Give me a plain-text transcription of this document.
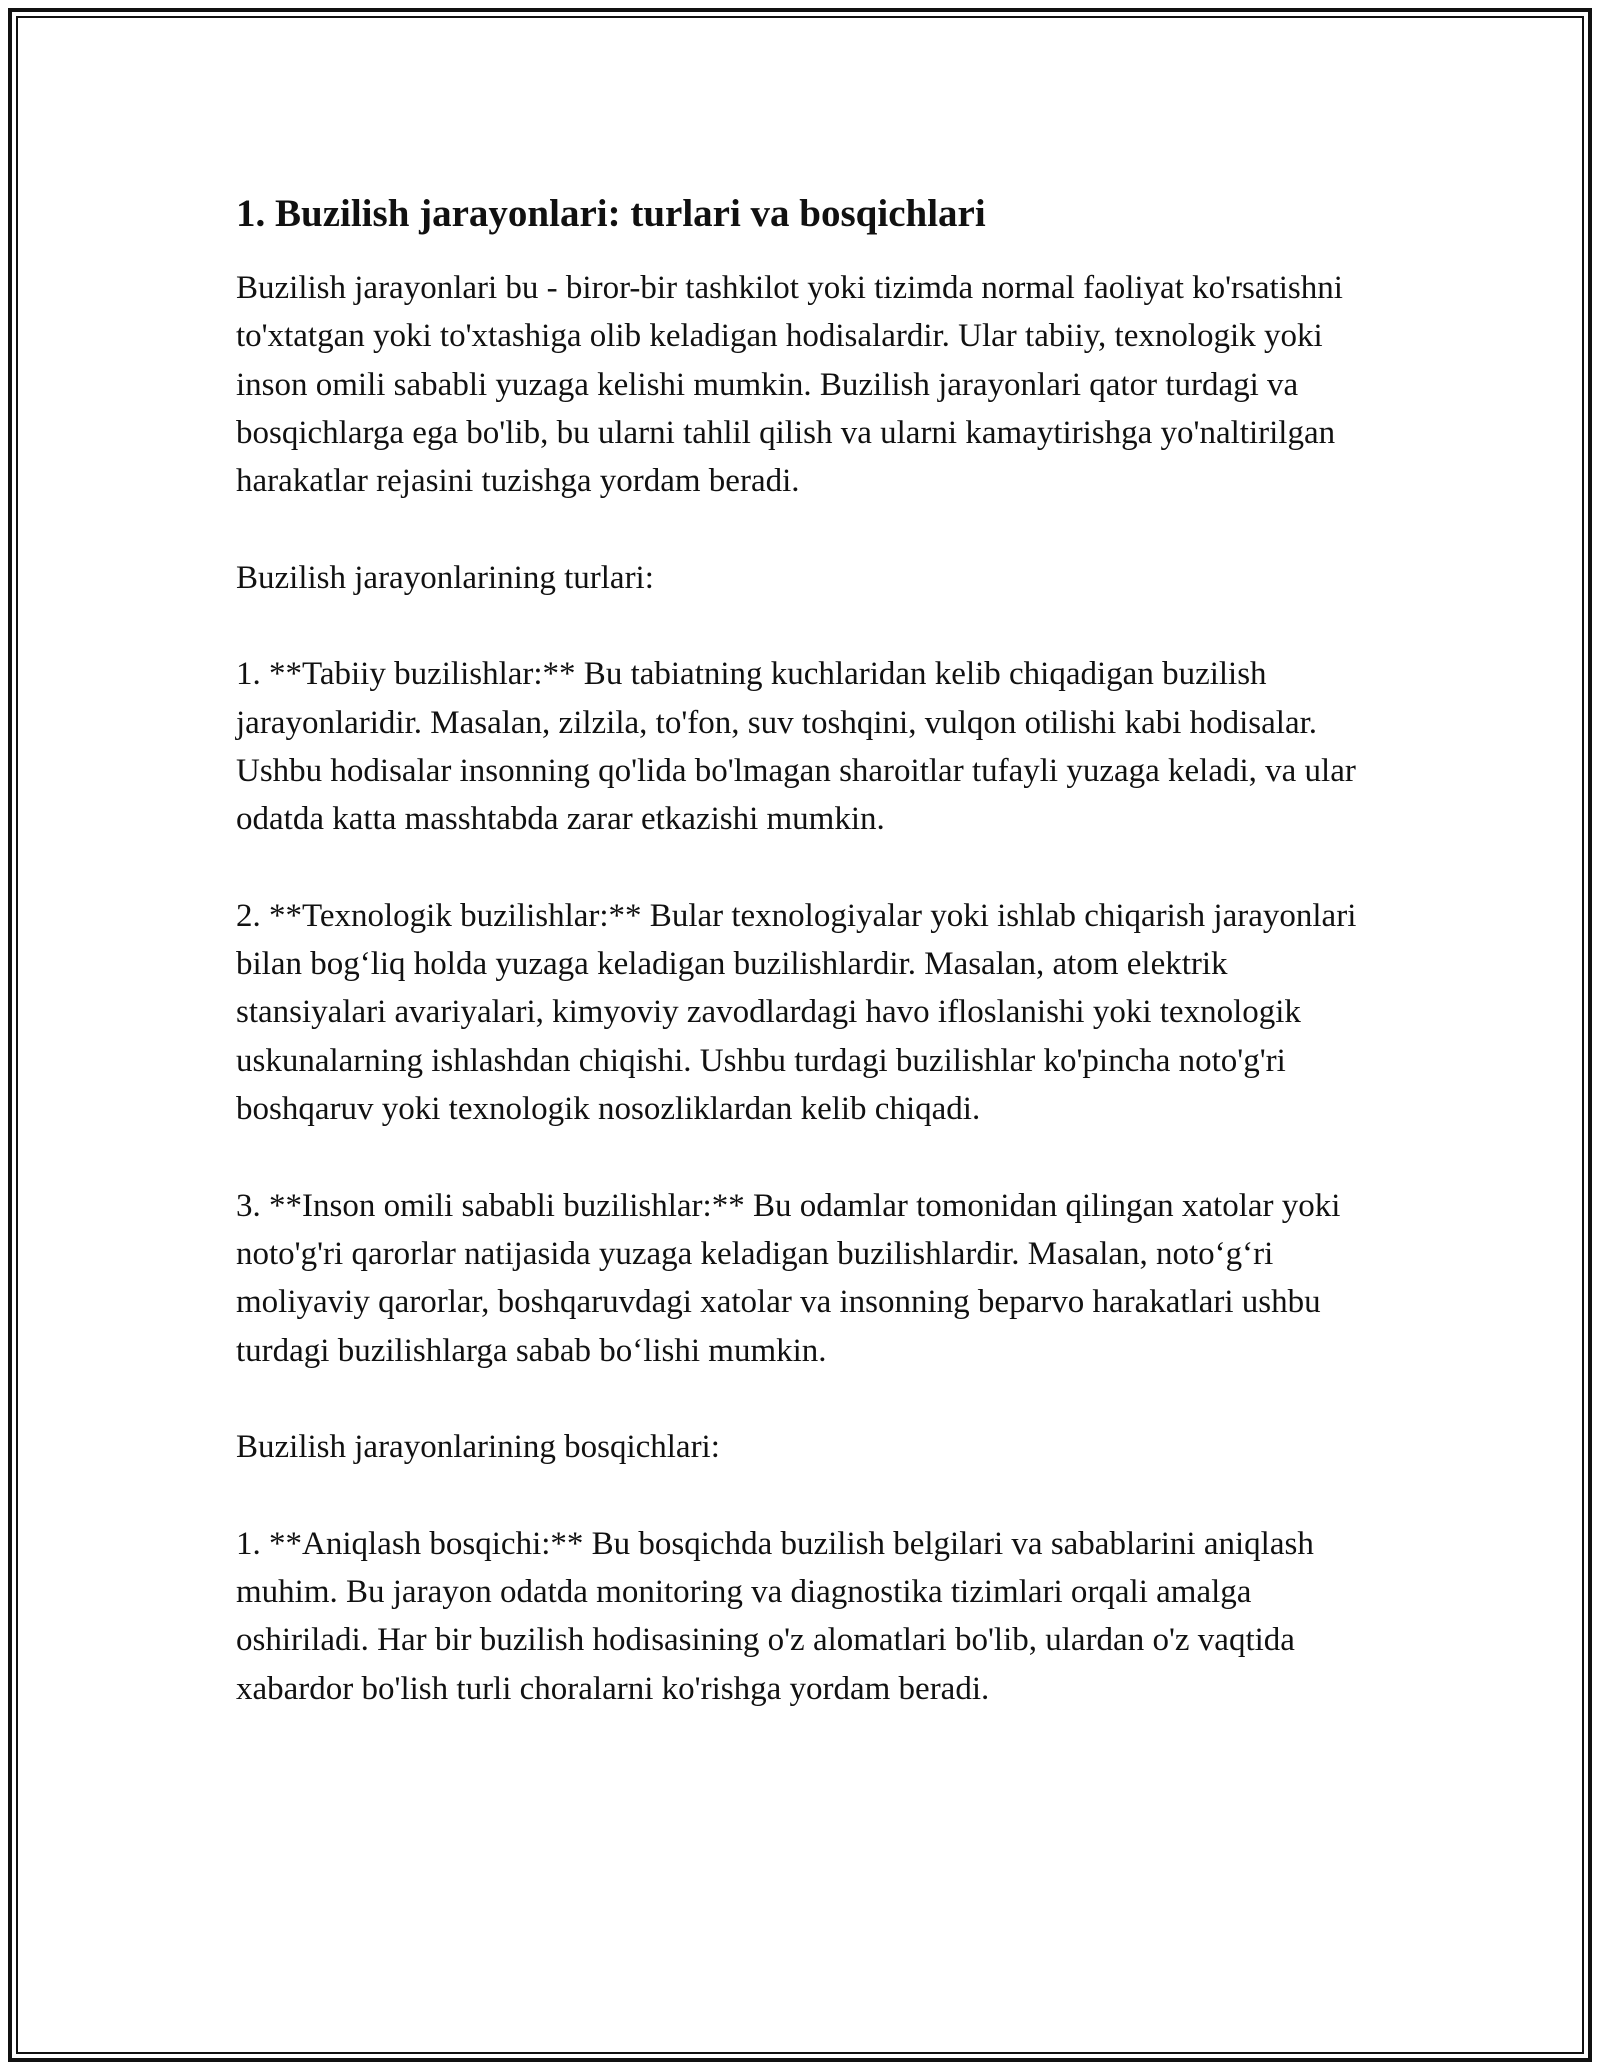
1. Buzilish jarayonlari: turlari va bosqichlari

Buzilish jarayonlari bu - biror-bir tashkilot yoki tizimda normal faoliyat ko'rsatishni to'xtatgan yoki to'xtashiga olib keladigan hodisalardir. Ular tabiiy, texnologik yoki inson omili sababli yuzaga kelishi mumkin. Buzilish jarayonlari qator turdagi va bosqichlarga ega bo'lib, bu ularni tahlil qilish va ularni kamaytirishga yo'naltirilgan harakatlar rejasini tuzishga yordam beradi.

Buzilish jarayonlarining turlari:

1. **Tabiiy buzilishlar:** Bu tabiatning kuchlaridan kelib chiqadigan buzilish jarayonlaridir. Masalan, zilzila, to'fon, suv toshqini, vulqon otilishi kabi hodisalar. Ushbu hodisalar insonning qo'lida bo'lmagan sharoitlar tufayli yuzaga keladi, va ular odatda katta masshtabda zarar etkazishi mumkin.

2. **Texnologik buzilishlar:** Bular texnologiyalar yoki ishlab chiqarish jarayonlari bilan bog‘liq holda yuzaga keladigan buzilishlardir. Masalan, atom elektrik stansiyalari avariyalari, kimyoviy zavodlardagi havo ifloslanishi yoki texnologik uskunalarning ishlashdan chiqishi. Ushbu turdagi buzilishlar ko'pincha noto'g'ri boshqaruv yoki texnologik nosozliklardan kelib chiqadi.

3. **Inson omili sababli buzilishlar:** Bu odamlar tomonidan qilingan xatolar yoki noto'g'ri qarorlar natijasida yuzaga keladigan buzilishlardir. Masalan, noto‘g‘ri moliyaviy qarorlar, boshqaruvdagi xatolar va insonning beparvo harakatlari ushbu turdagi buzilishlarga sabab bo‘lishi mumkin.

Buzilish jarayonlarining bosqichlari:

1. **Aniqlash bosqichi:** Bu bosqichda buzilish belgilari va sabablarini aniqlash muhim. Bu jarayon odatda monitoring va diagnostika tizimlari orqali amalga oshiriladi. Har bir buzilish hodisasining o'z alomatlari bo'lib, ulardan o'z vaqtida xabardor bo'lish turli choralarni ko'rishga yordam beradi.
